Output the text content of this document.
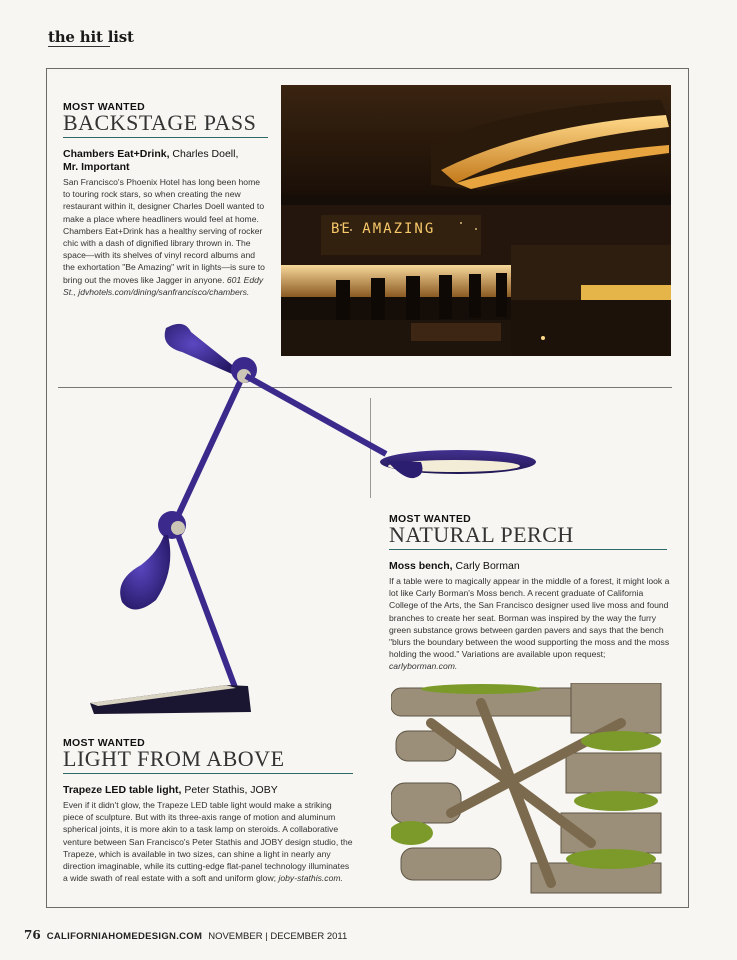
the hit list
MOST WANTED
BACKSTAGE PASS
Chambers Eat+Drink, Charles Doell,
Mr. Important
San Francisco's Phoenix Hotel has long been home to touring rock stars, so when creating the new restaurant within it, designer Charles Doell wanted to make a place where headliners would feel at home. Chambers Eat+Drink has a healthy serving of rocker chic with a dash of dignified library thrown in. The space—with its shelves of vinyl record albums and the exhortation "Be Amazing" writ in lights—is sure to bring out the moves like Jagger in anyone. 601 Eddy St., jdvhotels.com/dining/sanfrancisco/chambers.
BE AMAZING
MOST WANTED
NATURAL PERCH
Moss bench, Carly Borman
If a table were to magically appear in the middle of a forest, it might look a lot like Carly Borman's Moss bench. A recent graduate of California College of the Arts, the San Francisco designer used live moss and found branches to create her seat. Borman was inspired by the way the furry green substance grows between garden pavers and says that the bench "blurs the boundary between the wood supporting the moss and the moss holding the wood." Variations are available upon request; carlyborman.com.
MOST WANTED
LIGHT FROM ABOVE
Trapeze LED table light, Peter Stathis, JOBY
Even if it didn't glow, the Trapeze LED table light would make a striking piece of sculpture. But with its three-axis range of motion and aluminum spherical joints, it is more akin to a task lamp on steroids. A collaborative venture between San Francisco's Peter Stathis and JOBY design studio, the Trapeze, which is available in two sizes, can shine a light in nearly any direction imaginable, while its cutting-edge flat-panel technology illuminates a wide swath of real estate with a soft and uniform glow; joby-stathis.com.
76 CALIFORNIAHOMEDESIGN.COM NOVEMBER | DECEMBER 2011
